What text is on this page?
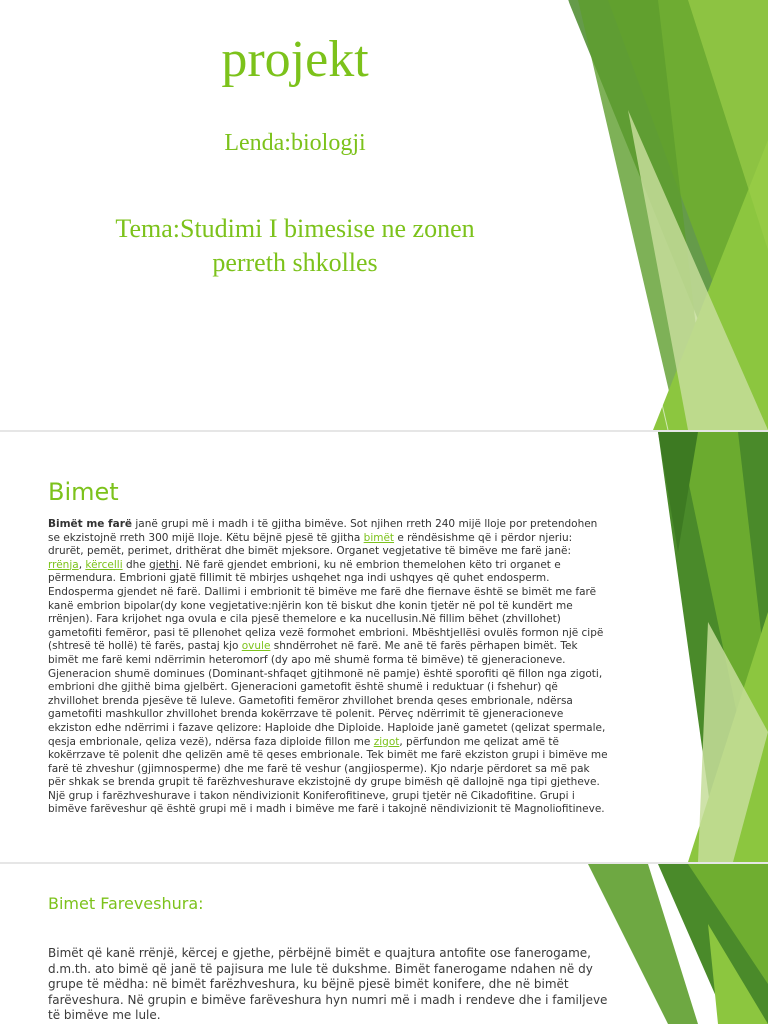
projekt
Lenda:biologji
Tema:Studimi I bimesise ne zonen
perreth shkolles
Bimet
Bimët me farë janë grupi më i madh i të gjitha bimëve. Sot njihen rreth 240 mijë lloje por pretendohen se ekzistojnë rreth 300 mijë lloje. Këtu bëjnë pjesë të gjitha bimët e rëndësishme që i përdor njeriu: drurët, pemët, perimet, drithërat dhe bimët mjeksore. Organet vegjetative të bimëve me farë janë: rrënja, kërcelli dhe gjethi. Në farë gjendet embrioni, ku në embrion themelohen këto tri organet e përmendura. Embrioni gjatë fillimit të mbirjes ushqehet nga indi ushqyes që quhet endosperm. Endosperma gjendet në farë. Dallimi i embrionit të bimëve me farë dhe fiernave është se bimët me farë kanë embrion bipolar(dy kone vegjetative:njërin kon të biskut dhe konin tjetër në pol të kundërt me rrënjen). Fara krijohet nga ovula e cila pjesë themelore e ka nucellusin.Në fillim bëhet (zhvillohet) gametofiti femëror, pasi të pllenohet qeliza vezë formohet embrioni. Mbështjellësi ovulës formon një cipë (shtresë të hollë) të farës, pastaj kjo ovule shndërrohet në farë. Me anë të farës përhapen bimët. Tek bimët me farë kemi ndërrimin heteromorf (dy apo më shumë forma të bimëve) të gjeneracioneve. Gjeneracion shumë dominues (Dominant-shfaqet gjtihmonë në pamje) është sporofiti që fillon nga zigoti, embrioni dhe gjithë bima gjelbërt. Gjeneracioni gametofit është shumë i reduktuar (i fshehur) që zhvillohet brenda pjesëve të luleve. Gametofiti femëror zhvillohet brenda qeses embrionale, ndërsa gametofiti mashkullor zhvillohet brenda kokërrzave të polenit. Përveç ndërrimit të gjeneracioneve ekziston edhe ndërrimi i fazave qelizore: Haploide dhe Diploide. Haploide janë gametet (qelizat spermale, qesja embrionale, qeliza vezë), ndërsa faza diploide fillon me zigot, përfundon me qelizat amë të kokërrzave të polenit dhe qelizën amë të qeses embrionale. Tek bimët me farë ekziston grupi i bimëve me farë të zhveshur (gjimnosperme) dhe me farë të veshur (angjiosperme). Kjo ndarje përdoret sa më pak për shkak se brenda grupit të farëzhveshurave ekzistojnë dy grupe bimësh që dallojnë nga tipi gjetheve. Një grup i farëzhveshurave i takon nëndivizionit Koniferofitineve, grupi tjetër në Cikadofitine. Grupi i bimëve farëveshur që është grupi më i madh i bimëve me farë i takojnë nëndivizionit të Magnoliofitineve.
Bimet Fareveshura:
Bimët që kanë rrënjë, kërcej e gjethe, përbëjnë bimët e quajtura antofite ose fanerogame, d.m.th. ato bimë që janë të pajisura me lule të dukshme. Bimët fanerogame ndahen në dy grupe të mëdha: në bimët farëzhveshura, ku bëjnë pjesë bimët konifere, dhe në bimët farëveshura. Në grupin e bimëve farëveshura hyn numri më i madh i rendeve dhe i familjeve të bimëve me lule.
